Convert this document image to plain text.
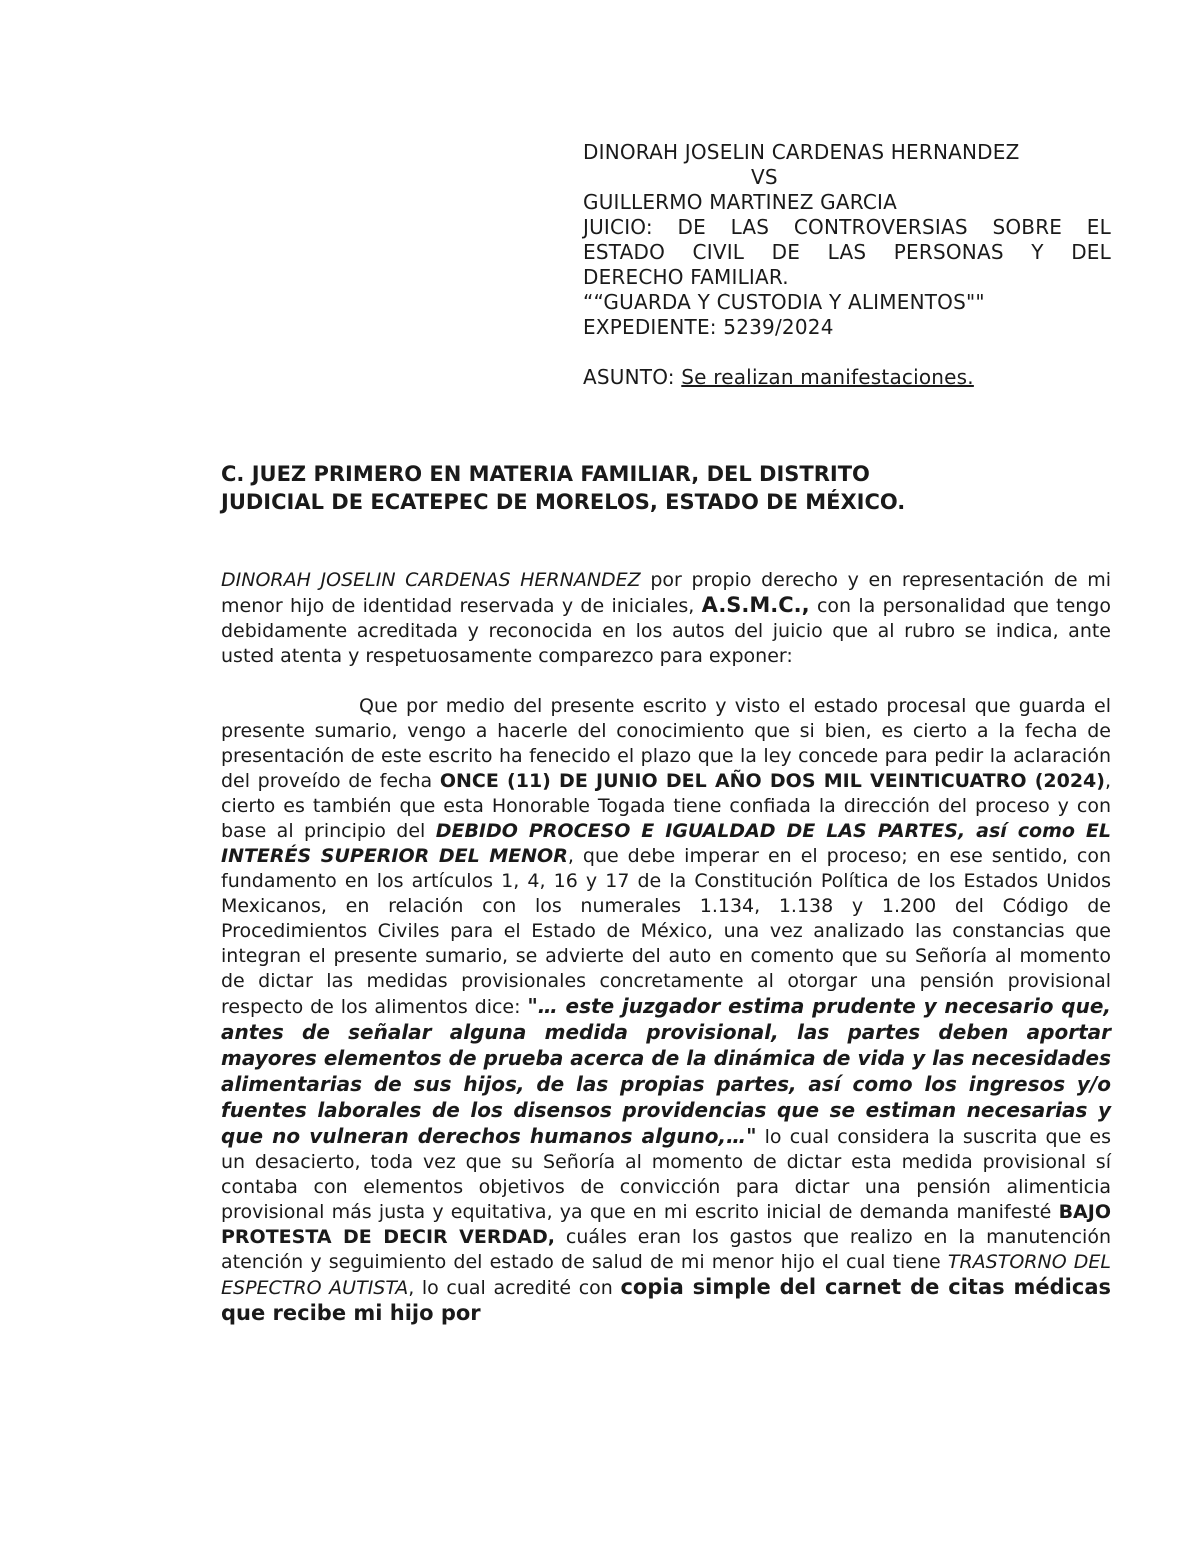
DINORAH JOSELIN CARDENAS HERNANDEZ
VS
GUILLERMO MARTINEZ GARCIA
JUICIO: DE LAS CONTROVERSIAS SOBRE EL
ESTADO CIVIL DE LAS PERSONAS Y DEL
DERECHO FAMILIAR.
““GUARDA Y CUSTODIA Y ALIMENTOS""
EXPEDIENTE: 5239/2024
ASUNTO: Se realizan manifestaciones.
C. JUEZ PRIMERO EN MATERIA FAMILIAR, DEL DISTRITO
JUDICIAL DE ECATEPEC DE MORELOS, ESTADO DE MÉXICO.

DINORAH JOSELIN CARDENAS HERNANDEZ por propio derecho y en representación de mi menor hijo de identidad reservada y de iniciales, A.S.M.C., con la personalidad que tengo debidamente acreditada y reconocida en los autos del juicio que al rubro se indica, ante usted atenta y respetuosamente comparezco para exponer:

Que por medio del presente escrito y visto el estado procesal que guarda el presente sumario, vengo a hacerle del conocimiento que si bien, es cierto a la fecha de presentación de este escrito ha fenecido el plazo que la ley concede para pedir la aclaración del proveído de fecha ONCE (11) DE JUNIO DEL AÑO DOS MIL VEINTICUATRO (2024), cierto es también que esta Honorable Togada tiene confiada la dirección del proceso y con base al principio del DEBIDO PROCESO E IGUALDAD DE LAS PARTES, así como EL INTERÉS SUPERIOR DEL MENOR, que debe imperar en el proceso; en ese sentido, con fundamento en los artículos 1, 4, 16 y 17 de la Constitución Política de los Estados Unidos Mexicanos, en relación con los numerales 1.134, 1.138 y 1.200 del Código de Procedimientos Civiles para el Estado de México, una vez analizado las constancias que integran el presente sumario, se advierte del auto en comento que su Señoría al momento de dictar las medidas provisionales concretamente al otorgar una pensión provisional respecto de los alimentos dice: "… este juzgador estima prudente y necesario que, antes de señalar alguna medida provisional, las partes deben aportar mayores elementos de prueba acerca de la dinámica de vida y las necesidades alimentarias de sus hijos, de las propias partes, así como los ingresos y/o fuentes laborales de los disensos providencias que se estiman necesarias y que no vulneran derechos humanos alguno,…" lo cual considera la suscrita que es un desacierto, toda vez que su Señoría al momento de dictar esta medida provisional sí contaba con elementos objetivos de convicción para dictar una pensión alimenticia provisional más justa y equitativa, ya que en mi escrito inicial de demanda manifesté BAJO PROTESTA DE DECIR VERDAD, cuáles eran los gastos que realizo en la manutención atención y seguimiento del estado de salud de mi menor hijo el cual tiene TRASTORNO DEL ESPECTRO AUTISTA, lo cual acredité con copia simple del carnet de citas médicas que recibe mi hijo por
